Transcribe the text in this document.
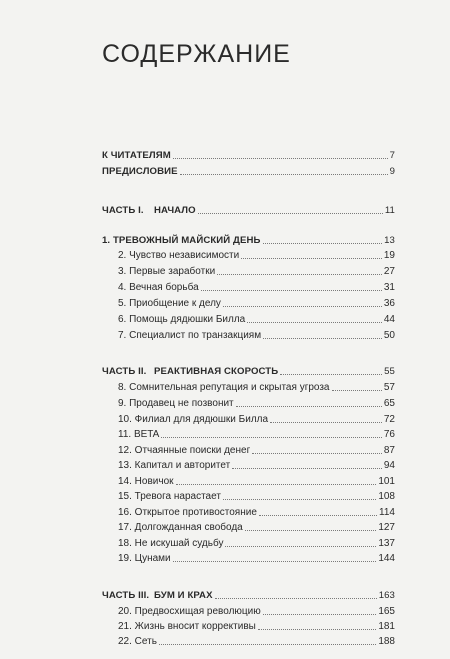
СОДЕРЖАНИЕ
К ЧИТАТЕЛЯМ	7
ПРЕДИСЛОВИЕ	9
ЧАСТЬ I.	НАЧАЛО	11
1. ТРЕВОЖНЫЙ МАЙСКИЙ ДЕНЬ	13
2. Чувство независимости	19
3. Первые заработки	27
4. Вечная борьба	31
5. Приобщение к делу	36
6. Помощь дядюшки Билла	44
7. Специалист по транзакциям	50
ЧАСТЬ II. РЕАКТИВНАЯ СКОРОСТЬ	55
8. Сомнительная репутация и скрытая угроза	57
9. Продавец не позвонит	65
10. Филиал для дядюшки Билла	72
11. BETA	76
12. Отчаянные поиски денег	87
13. Капитал и авторитет	94
14. Новичок	101
15. Тревога нарастает	108
16. Открытое противостояние	114
17. Долгожданная свобода	127
18. Не искушай судьбу	137
19. Цунами	144
ЧАСТЬ III. БУМ И КРАХ	163
20. Предвосхищая революцию	165
21. Жизнь вносит коррективы	181
22. Сеть	188
